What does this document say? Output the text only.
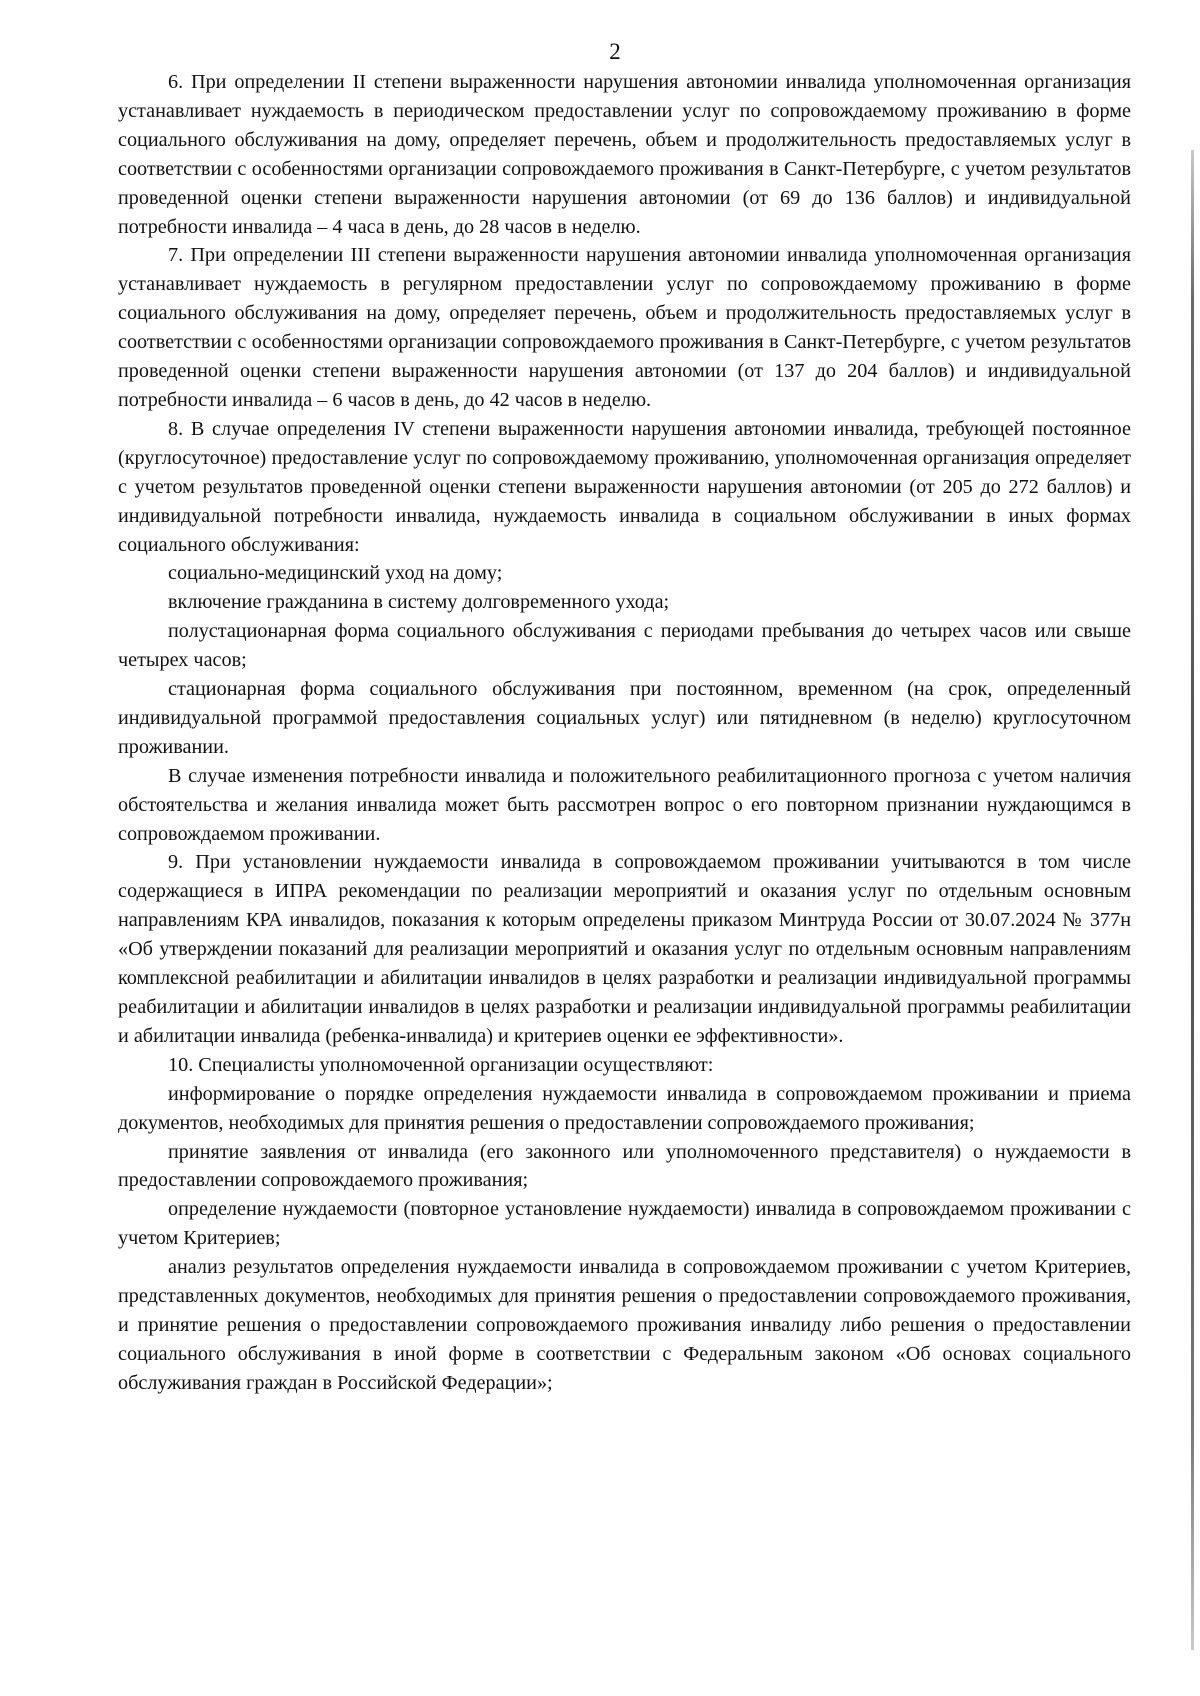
2

6. При определении II степени выраженности нарушения автономии инвалида уполномоченная организация устанавливает нуждаемость в периодическом предоставлении услуг по сопровождаемому проживанию в форме социального обслуживания на дому, определяет перечень, объем и продолжительность предоставляемых услуг в соответствии с особенностями организации сопровождаемого проживания в Санкт-Петербурге, с учетом результатов проведенной оценки степени выраженности нарушения автономии (от 69 до 136 баллов) и индивидуальной потребности инвалида – 4 часа в день, до 28 часов в неделю.

7. При определении III степени выраженности нарушения автономии инвалида уполномоченная организация устанавливает нуждаемость в регулярном предоставлении услуг по сопровождаемому проживанию в форме социального обслуживания на дому, определяет перечень, объем и продолжительность предоставляемых услуг в соответствии с особенностями организации сопровождаемого проживания в Санкт-Петербурге, с учетом результатов проведенной оценки степени выраженности нарушения автономии (от 137 до 204 баллов) и индивидуальной потребности инвалида – 6 часов в день, до 42 часов в неделю.

8. В случае определения IV степени выраженности нарушения автономии инвалида, требующей постоянное (круглосуточное) предоставление услуг по сопровождаемому проживанию, уполномоченная организация определяет с учетом результатов проведенной оценки степени выраженности нарушения автономии (от 205 до 272 баллов) и индивидуальной потребности инвалида, нуждаемость инвалида в социальном обслуживании в иных формах социального обслуживания:

социально-медицинский уход на дому;

включение гражданина в систему долговременного ухода;

полустационарная форма социального обслуживания с периодами пребывания до четырех часов или свыше четырех часов;

стационарная форма социального обслуживания при постоянном, временном (на срок, определенный индивидуальной программой предоставления социальных услуг) или пятидневном (в неделю) круглосуточном проживании.

В случае изменения потребности инвалида и положительного реабилитационного прогноза с учетом наличия обстоятельства и желания инвалида может быть рассмотрен вопрос о его повторном признании нуждающимся в сопровождаемом проживании.

9. При установлении нуждаемости инвалида в сопровождаемом проживании учитываются в том числе содержащиеся в ИПРА рекомендации по реализации мероприятий и оказания услуг по отдельным основным направлениям КРА инвалидов, показания к которым определены приказом Минтруда России от 30.07.2024 № 377н «Об утверждении показаний для реализации мероприятий и оказания услуг по отдельным основным направлениям комплексной реабилитации и абилитации инвалидов в целях разработки и реализации индивидуальной программы реабилитации и абилитации инвалидов в целях разработки и реализации индивидуальной программы реабилитации и абилитации инвалида (ребенка-инвалида) и критериев оценки ее эффективности».

10. Специалисты уполномоченной организации осуществляют:

информирование о порядке определения нуждаемости инвалида в сопровождаемом проживании и приема документов, необходимых для принятия решения о предоставлении сопровождаемого проживания;

принятие заявления от инвалида (его законного или уполномоченного представителя) о нуждаемости в предоставлении сопровождаемого проживания;

определение нуждаемости (повторное установление нуждаемости) инвалида в сопровождаемом проживании с учетом Критериев;

анализ результатов определения нуждаемости инвалида в сопровождаемом проживании с учетом Критериев, представленных документов, необходимых для принятия решения о предоставлении сопровождаемого проживания, и принятие решения о предоставлении сопровождаемого проживания инвалиду либо решения о предоставлении социального обслуживания в иной форме в соответствии с Федеральным законом «Об основах социального обслуживания граждан в Российской Федерации»;
